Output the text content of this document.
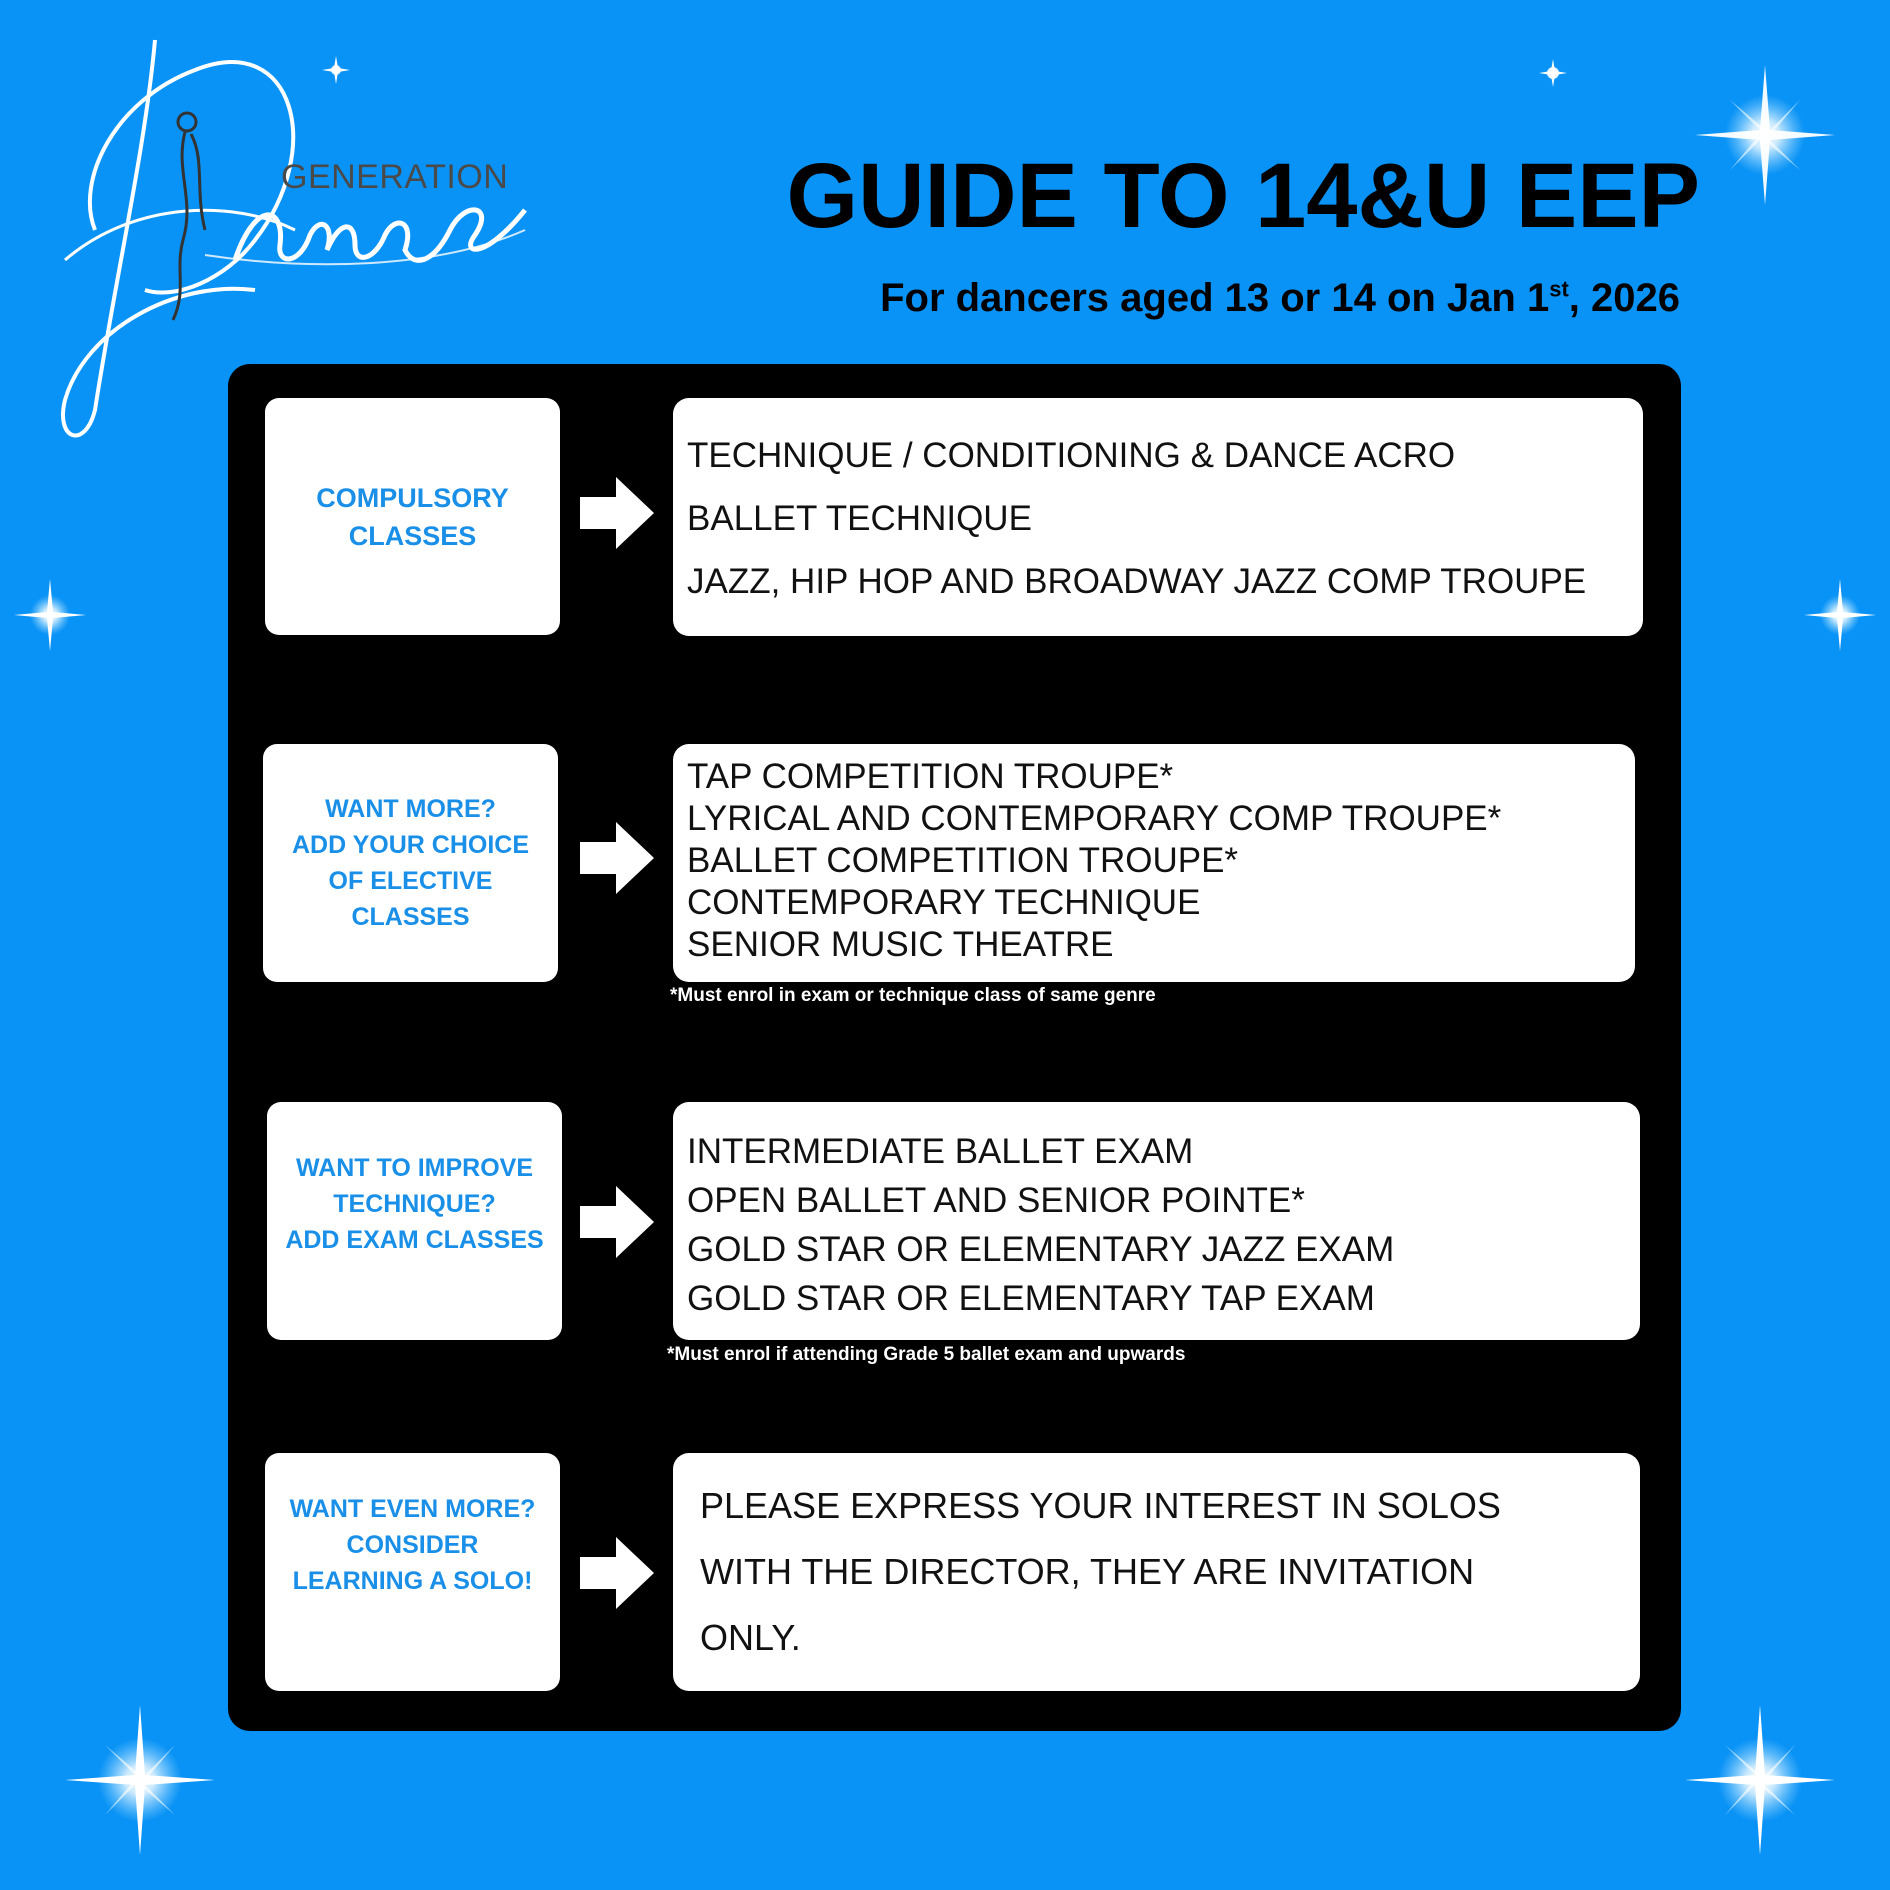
GENERATION	GUIDE TO 14&U EEP
For dancers aged 13 or 14 on Jan 1st, 2026
COMPULSORY
CLASSES
TECHNIQUE / CONDITIONING & DANCE ACRO
BALLET TECHNIQUE
JAZZ, HIP HOP AND BROADWAY JAZZ COMP TROUPE
WANT MORE?
ADD YOUR CHOICE
OF ELECTIVE
CLASSES
TAP COMPETITION TROUPE*
LYRICAL AND CONTEMPORARY COMP TROUPE*
BALLET COMPETITION TROUPE*
CONTEMPORARY TECHNIQUE
SENIOR MUSIC THEATRE
*Must enrol in exam or technique class of same genre
WANT TO IMPROVE
TECHNIQUE?
ADD EXAM CLASSES
INTERMEDIATE BALLET EXAM
OPEN BALLET AND SENIOR POINTE*
GOLD STAR OR ELEMENTARY JAZZ EXAM
GOLD STAR OR ELEMENTARY TAP EXAM
*Must enrol if attending Grade 5 ballet exam and upwards
WANT EVEN MORE?
CONSIDER
LEARNING A SOLO!
PLEASE EXPRESS YOUR INTEREST IN SOLOS
WITH THE DIRECTOR, THEY ARE INVITATION
ONLY.
